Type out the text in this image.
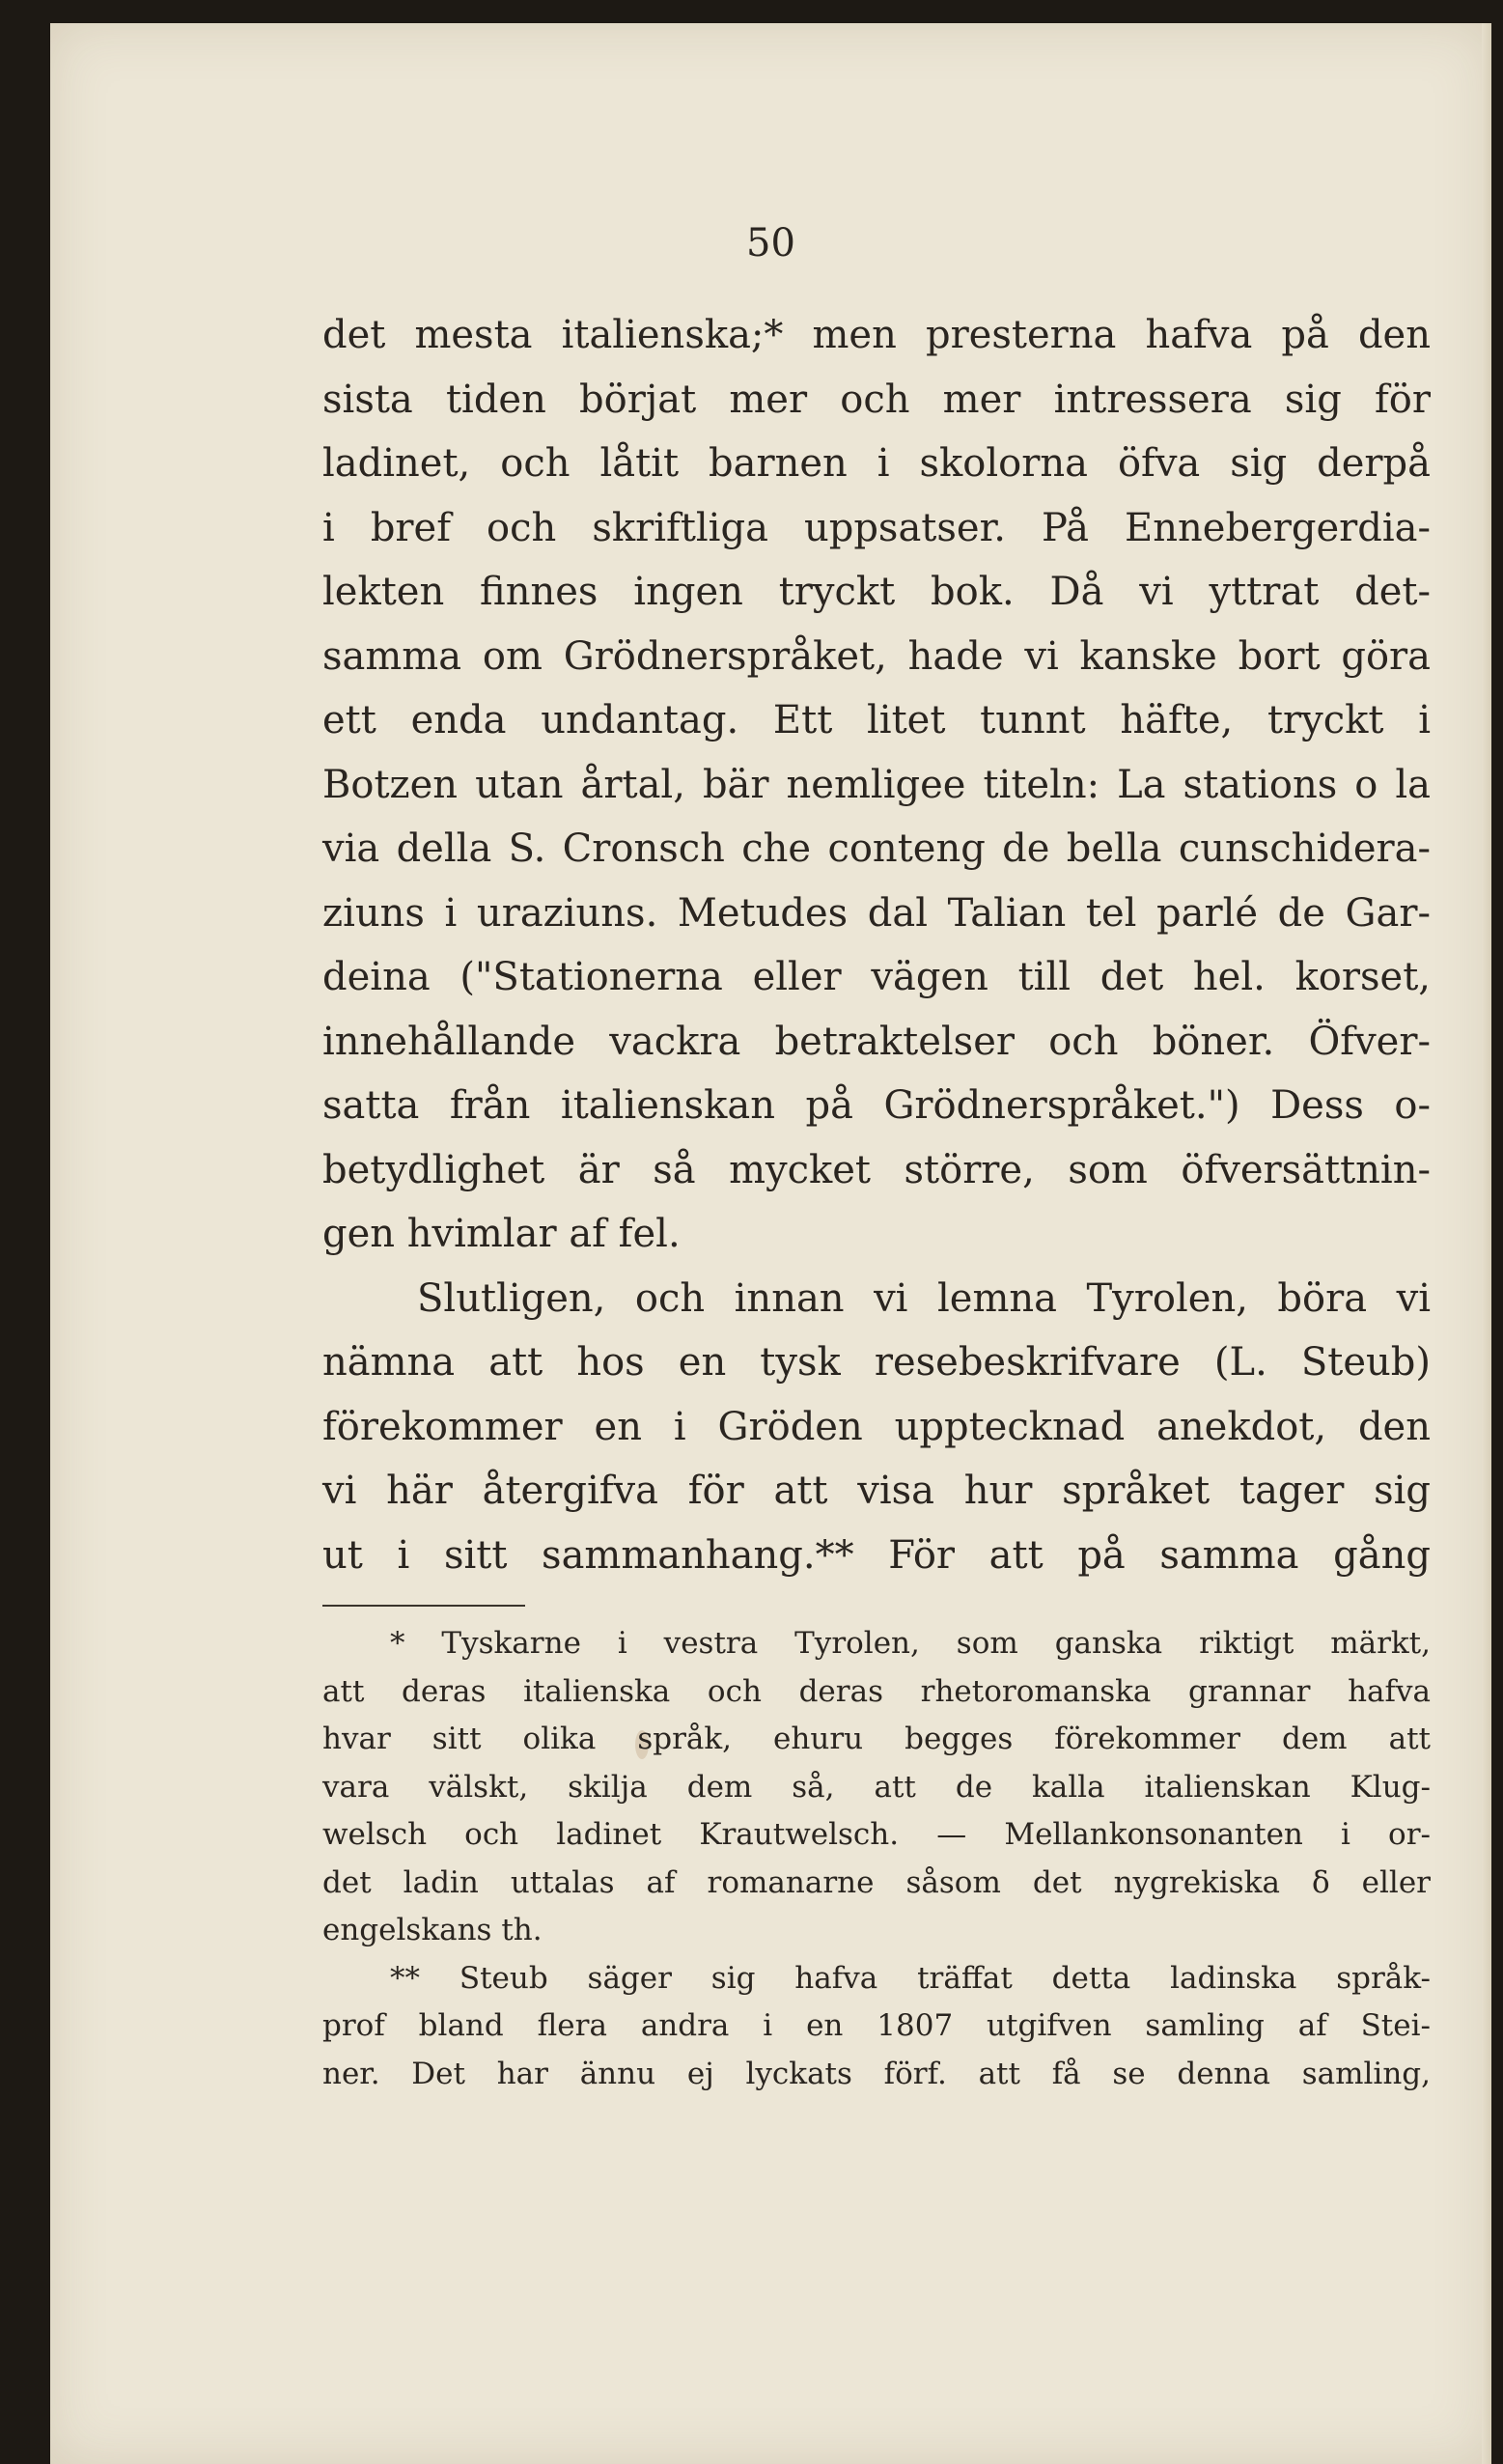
50
det mesta italienska;* men presterna hafva på den
sista tiden börjat mer och mer intressera sig för
ladinet, och låtit barnen i skolorna öfva sig derpå
i bref och skriftliga uppsatser. På Ennebergerdia-
lekten finnes ingen tryckt bok. Då vi yttrat det-
samma om Grödnerspråket, hade vi kanske bort göra
ett enda undantag. Ett litet tunnt häfte, tryckt i
Botzen utan årtal, bär nemligee titeln: La stations o la
via della S. Cronsch che conteng de bella cunschidera-
ziuns i uraziuns. Metudes dal Talian tel parlé de Gar-
deina ("Stationerna eller vägen till det hel. korset,
innehållande vackra betraktelser och böner. Öfver-
satta från italienskan på Grödnerspråket.") Dess o-
betydlighet är så mycket större, som öfversättnin-
gen hvimlar af fel.
Slutligen, och innan vi lemna Tyrolen, böra vi
nämna att hos en tysk resebeskrifvare (L. Steub)
förekommer en i Gröden upptecknad anekdot, den
vi här återgifva för att visa hur språket tager sig
ut i sitt sammanhang.** För att på samma gång
* Tyskarne i vestra Tyrolen, som ganska riktigt märkt,
att deras italienska och deras rhetoromanska grannar hafva
hvar sitt olika språk, ehuru begges förekommer dem att
vara välskt, skilja dem så, att de kalla italienskan Klug-
welsch och ladinet Krautwelsch. — Mellankonsonanten i or-
det ladin uttalas af romanarne såsom det nygrekiska δ eller
engelskans th.
** Steub säger sig hafva träffat detta ladinska språk-
prof bland flera andra i en 1807 utgifven samling af Stei-
ner. Det har ännu ej lyckats förf. att få se denna samling,
